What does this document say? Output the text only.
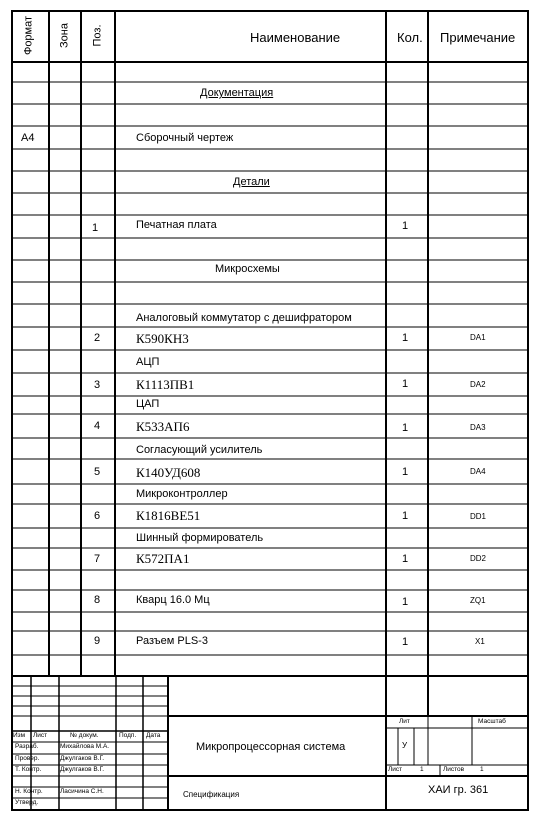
Формат Зона Поз.	Наименование	Кол. Примечание
Документация
А4	Сборочный чертеж
Детали
1	Печатная плата	1
Микросхемы
Аналоговый коммутатор с дешифратором
2	К590КН3	1	DA1
АЦП
3	К1113ПВ1	1	DA2
ЦАП
4	К533АП6	1	DA3
Согласующий усилитель
5	К140УД608	1	DA4
Микроконтроллер
6	К1816ВЕ51	1	DD1
Шинный формирователь
7	К572ПА1	1	DD2
8	Кварц 16.0 Мц	1	ZQ1
9	Разъем PLS-3	1	X1
Изм Лист	№ докум.	Подп. Дата
Разраб.	Михайлова М.А.
Провер.	Джулгаков В.Г.
Т. Контр.	Джулгаков В.Г.
Н. Контр.	Ласичина С.Н.
Утверд.
Микропроцессорная система
Спецификация
Лит	Масштаб
У
Лист	1	Листов 1
ХАИ гр. 361
